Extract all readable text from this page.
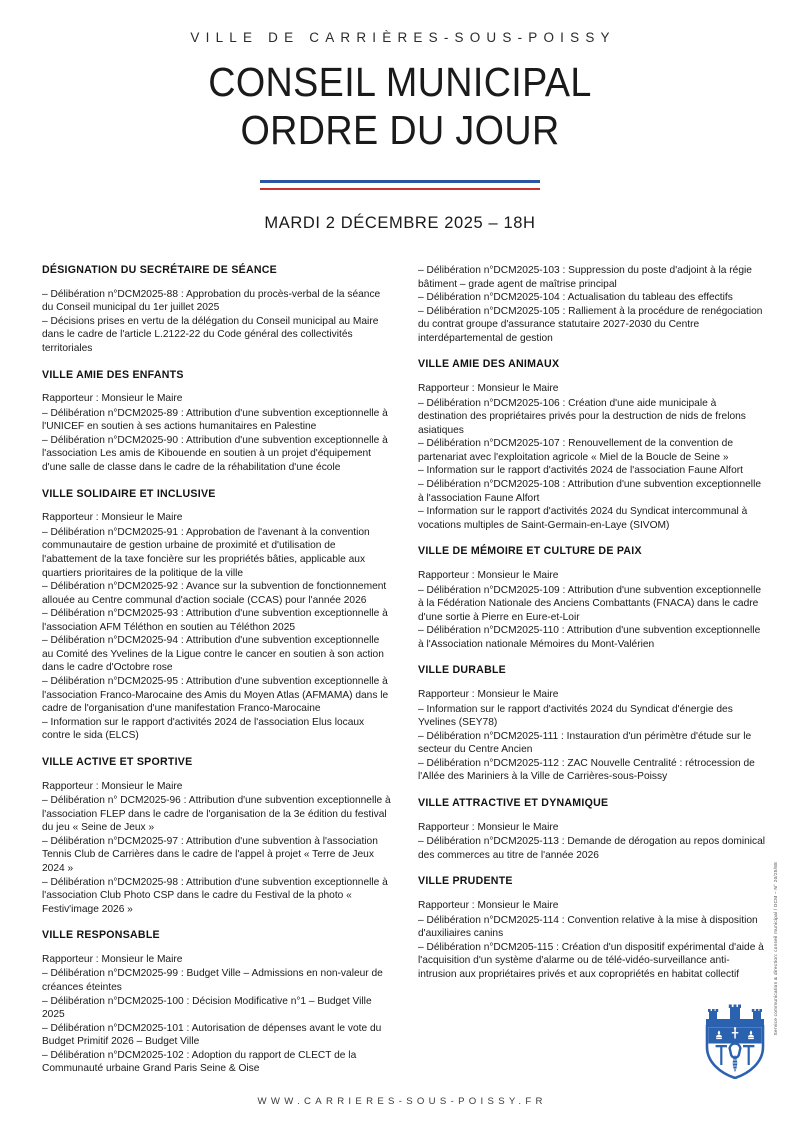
VILLE DE CARRIÈRES-SOUS-POISSY
CONSEIL MUNICIPAL
ORDRE DU JOUR
MARDI 2 DÉCEMBRE 2025 – 18H
DÉSIGNATION DU SECRÉTAIRE DE SÉANCE
– Délibération n°DCM2025-88 : Approbation du procès-verbal de la séance du Conseil municipal du 1er juillet 2025
– Décisions prises en vertu de la délégation du Conseil municipal au Maire dans le cadre de l'article L.2122-22 du Code général des collectivités territoriales
VILLE AMIE DES ENFANTS
Rapporteur : Monsieur le Maire
– Délibération n°DCM2025-89 : Attribution d'une subvention exceptionnelle à l'UNICEF en soutien à ses actions humanitaires en Palestine
– Délibération n°DCM2025-90 : Attribution d'une subvention exceptionnelle à l'association Les amis de Kibouende en soutien à un projet d'équipement d'une salle de classe dans le cadre de la réhabilitation d'une école
VILLE SOLIDAIRE ET INCLUSIVE
Rapporteur : Monsieur le Maire
– Délibération n°DCM2025-91 : Approbation de l'avenant à la convention communautaire de gestion urbaine de proximité et d'utilisation de l'abattement de la taxe foncière sur les propriétés bâties, applicable aux quartiers prioritaires de la politique de la ville
– Délibération n°DCM2025-92 : Avance sur la subvention de fonctionnement allouée au Centre communal d'action sociale (CCAS) pour l'année 2026
– Délibération n°DCM2025-93 : Attribution d'une subvention exceptionnelle à l'association AFM Téléthon en soutien au Téléthon 2025
– Délibération n°DCM2025-94 : Attribution d'une subvention exceptionnelle au Comité des Yvelines de la Ligue contre le cancer en soutien à son action dans le cadre d'Octobre rose
– Délibération n°DCM2025-95 : Attribution d'une subvention exceptionnelle à l'association Franco-Marocaine des Amis du Moyen Atlas (AFMAMA) dans le cadre de l'organisation d'une manifestation Franco-Marocaine
– Information sur le rapport d'activités 2024 de l'association Elus locaux contre le sida (ELCS)
VILLE ACTIVE ET SPORTIVE
Rapporteur : Monsieur le Maire
– Délibération n° DCM2025-96 : Attribution d'une subvention exceptionnelle à l'association FLEP dans le cadre de l'organisation de la 3e édition du festival du jeu « Seine de Jeux »
– Délibération n°DCM2025-97 : Attribution d'une subvention à l'association Tennis Club de Carrières dans le cadre de l'appel à projet « Terre de Jeux 2024 »
– Délibération n°DCM2025-98 : Attribution d'une subvention exceptionnelle à l'association Club Photo CSP dans le cadre du Festival de la photo « Festiv'image 2026 »
VILLE RESPONSABLE
Rapporteur : Monsieur le Maire
– Délibération n°DCM2025-99 : Budget Ville – Admissions en non-valeur de créances éteintes
– Délibération n°DCM2025-100 : Décision Modificative n°1 – Budget Ville 2025
– Délibération n°DCM2025-101 : Autorisation de dépenses avant le vote du Budget Primitif 2026 – Budget Ville
– Délibération n°DCM2025-102 : Adoption du rapport de CLECT de la Communauté urbaine Grand Paris Seine & Oise
– Délibération n°DCM2025-103 : Suppression du poste d'adjoint à la régie bâtiment – grade agent de maîtrise principal
– Délibération n°DCM2025-104 : Actualisation du tableau des effectifs
– Délibération n°DCM2025-105 : Ralliement à la procédure de renégociation du contrat groupe d'assurance statutaire 2027-2030 du Centre interdépartemental de gestion
VILLE AMIE DES ANIMAUX
Rapporteur : Monsieur le Maire
– Délibération n°DCM2025-106 : Création d'une aide municipale à destination des propriétaires privés pour la destruction de nids de frelons asiatiques
– Délibération n°DCM2025-107 : Renouvellement de la convention de partenariat avec l'exploitation agricole « Miel de la Boucle de Seine »
– Information sur le rapport d'activités 2024 de l'association Faune Alfort
– Délibération n°DCM2025-108 : Attribution d'une subvention exceptionnelle à l'association Faune Alfort
– Information sur le rapport d'activités 2024 du Syndicat intercommunal à vocations multiples de Saint-Germain-en-Laye (SIVOM)
VILLE DE MÉMOIRE ET CULTURE DE PAIX
Rapporteur : Monsieur le Maire
– Délibération n°DCM2025-109 : Attribution d'une subvention exceptionnelle à la Fédération Nationale des Anciens Combattants (FNACA) dans le cadre d'une sortie à Pierre en Eure-et-Loir
– Délibération n°DCM2025-110 : Attribution d'une subvention exceptionnelle à l'Association nationale Mémoires du Mont-Valérien
VILLE DURABLE
Rapporteur : Monsieur le Maire
– Information sur le rapport d'activités 2024 du Syndicat d'énergie des Yvelines (SEY78)
– Délibération n°DCM2025-111 : Instauration d'un périmètre d'étude sur le secteur du Centre Ancien
– Délibération n°DCM2025-112 : ZAC Nouvelle Centralité : rétrocession de l'Allée des Mariniers à la Ville de Carrières-sous-Poissy
VILLE ATTRACTIVE ET DYNAMIQUE
Rapporteur : Monsieur le Maire
– Délibération n°DCM2025-113 : Demande de dérogation au repos dominical des commerces au titre de l'année 2026
VILLE PRUDENTE
Rapporteur : Monsieur le Maire
– Délibération n°DCM2025-114 : Convention relative à la mise à disposition d'auxiliaires canins
– Délibération n°DCM205-115 : Création d'un dispositif expérimental d'aide à l'acquisition d'un système d'alarme ou de télé-vidéo-surveillance anti-intrusion aux propriétaires privés et aux copropriétés en habitat collectif	Service communication & direction: conseil municipal / DCM – N° 20/25/88
WWW.CARRIERES-SOUS-POISSY.FR
